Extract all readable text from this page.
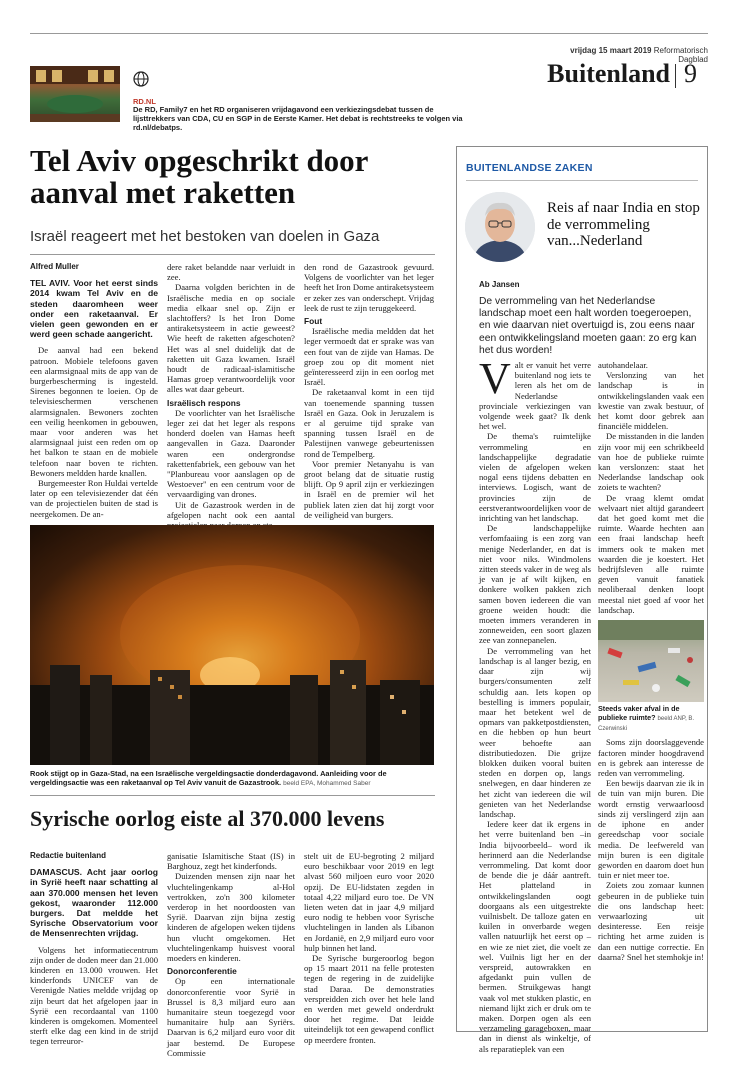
vrijdag 15 maart 2019 Reformatorisch Dagblad
Buitenland 9
RD.NL
De RD, Family7 en het RD organiseren vrijdagavond een verkiezingsdebat tussen de lijsttrekkers van CDA, CU en SGP in de Eerste Kamer. Het debat is rechtstreeks te volgen via rd.nl/debatps.
Tel Aviv opgeschrikt door
aanval met raketten
Israël reageert met het bestoken van doelen in Gaza
Alfred Muller

TEL AVIV. Voor het eerst sinds 2014 kwam Tel Aviv en de steden daaromheen weer onder een raketaanval. Er vielen geen gewonden en er werd geen schade aangericht.

De aanval had een bekend patroon. Mobiele telefoons gaven een alarmsignaal mits de app van de burgerbescherming is ingesteld. Sirenes begonnen te loeien. Op de televisieschermen verschenen alarmsignalen. Bewoners zochten een veilig heenkomen in gebouwen, maar voor anderen was het alarmsignaal juist een reden om op het balkon te staan en de mobiele telefoon naar boven te richten. Bewoners meldden harde knallen.

Burgemeester Ron Huldai vertelde later op een televisiezender dat één van de projectielen buiten de stad is neergekomen. De an-

dere raket belandde naar verluidt in zee.

Daarna volgden berichten in de Israëlische media en op sociale media elkaar snel op. Zijn er slachtoffers? Is het Iron Dome antiraketsysteem in actie geweest? Wie heeft de raketten afgeschoten? Het was al snel duidelijk dat de raketten uit Gaza kwamen. Israël houdt de radicaal-islamitische Hamas groep verantwoordelijk voor alles wat daar gebeurt.

Israëlisch respons

De voorlichter van het Israëlische leger zei dat het leger als respons honderd doelen van Hamas heeft aangevallen in Gaza. Daaronder waren een ondergrondse rakettenfabriek, een gebouw van het "Planbureau voor aanslagen op de Westoever" en een centrum voor de vervaardiging van drones.

Uit de Gazastrook werden in de afgelopen nacht ook een aantal

den rond de Gazastrook gevuurd. Volgens de voorlichter van het leger heeft het Iron Dome antiraketsysteem er zeker zes van onderschept. Vrijdag leek de rust te zijn teruggekeerd.

Fout

Israëlische media meldden dat het leger vermoedt dat er sprake was van een fout van de zijde van Hamas. De groep zou op dit moment niet geïnteresseerd zijn in een oorlog met Israël.

De raketaanval komt in een tijd van toenemende spanning tussen Israël en Gaza. Ook in Jeruzalem is er al geruime tijd sprake van spanning tussen Israël en de Palestijnen vanwege gebeurtenissen rond de Tempelberg.

Voor premier Netanyahu is van groot belang dat de situatie rustig blijft. Op 9 april zijn er verkiezingen in Israël en de premier wil het publiek laten zien dat hij zorgt voor de veiligheid van burgers.

Rook stijgt op in Gaza-Stad, na een Israëlische vergeldingsactie donderdagavond. Aanleiding voor de vergeldingsactie was een raketaanval op Tel Aviv vanuit de Gazastrook. beeld EPA, Mohammed Saber
Syrische oorlog eiste al 370.000 levens
Redactie buitenland

DAMASCUS. Acht jaar oorlog in Syrië heeft naar schatting al aan 370.000 mensen het leven gekost, waaronder 112.000 burgers. Dat meldde het Syrische Observatorium voor de Mensenrechten vrijdag.

Volgens het informatiecentrum zijn onder de doden meer dan 21.000 kinderen en 13.000 vrouwen. Het kinderfonds UNICEF van de Verenigde Naties meldde vrijdag op zijn beurt dat het afgelopen jaar in Syrië een recordaantal van 1100 kinderen is omgekomen. Momenteel sterft elke dag een kind in de strijd tegen terreuror-

ganisatie Islamitische Staat (IS) in Barghouz, zegt het kinderfonds.

Duizenden mensen zijn naar het vluchtelingenkamp al-Hol vertrokken, zo'n 300 kilometer verderop in het noordoosten van Syrië. Daarvan zijn bijna zestig kinderen de afgelopen weken tijdens hun vlucht omgekomen. Het vluchtelingenkamp huisvest vooral moeders en kinderen.

Donorconferentie

Op een internationale donorconferentie voor Syrië in Brussel is 8,3 miljard euro aan humanitaire steun toegezegd voor humanitaire hulp aan Syriërs. Daarvan is 6,2 miljard euro voor dit jaar bestemd. De Europese Commissie

stelt uit de EU-begroting 2 miljard euro beschikbaar voor 2019 en legt alvast 560 miljoen euro voor 2020 opzij. De EU-lidstaten zegden in totaal 4,22 miljard euro toe. De VN lieten weten dat in jaar 4,9 miljard euro nodig te hebben voor Syrische vluchtelingen in landen als Libanon en Jordanië, en 2,9 miljard euro voor hulp binnen het land.

De Syrische burgeroorlog begon op 15 maart 2011 na felle protesten tegen de regering in de zuidelijke stad Daraa. De demonstraties verspreidden zich over het hele land en werden met geweld onderdrukt door het regime. Dat leidde uiteindelijk tot een gewapend conflict op meerdere fronten.

BUITENLANDSE ZAKEN
Reis af naar India en stop de verrommeling van...Nederland
Ab Jansen
De verrommeling van het Nederlandse landschap moet een halt worden toegeroepen, en wie daarvan niet overtuigd is, zou eens naar een ontwikkelingsland moeten gaan: zo erg kan het dus worden!

Valt er vanuit het verre buitenland nog iets te leren als het om de Nederlandse provinciale verkiezingen van volgende week gaat? Ik denk het wel.

De thema's ruimtelijke verrommeling en landschappelijke degradatie vielen de afgelopen weken nogal eens tijdens debatten en interviews. Logisch, want de provincies zijn de eerstverantwoordelijken voor de inrichting van het landschap.

De landschappelijke verfomfaaiing is een zorg van menige Nederlander, en dat is niet voor niks. Windmolens zitten steeds vaker in de weg als je van je af wilt kijken, en donkere wolken pakken zich samen boven iedereen die van groene weiden houdt: die moeten immers veranderen in zonneweiden, een soort glazen zee van zonnepanelen.

De verrommeling van het landschap is al langer bezig, en daar zijn wij burgers/consumenten zelf schuldig aan. Iets kopen op bestelling is immers populair, maar het betekent wel de opmars van pakketpostdiensten, en die hebben op hun beurt weer behoefte aan distributiedozen. Die grijze blokken duiken vooral buiten steden en dorpen op, langs snelwegen, en daar hinderen ze het zicht van iedereen die wil genieten van het Nederlandse landschap.

Iedere keer dat ik ergens in het verre buitenland ben –in India bijvoorbeeld– word ik herinnerd aan die Nederlandse verrommeling. Dat komt door de bende die je dáár aantreft. Het platteland in ontwikkelingslanden oogt doorgaans als een uitgestrekte vuilnisbelt. De talloze gaten en kuilen in onverbarde wegen vallen natuurlijk het eerst op – en wie ze niet ziet, die voelt ze wel. Vuilnis ligt her en der verspreid, autowrakken en afgedankt puin vullen de bermen. Struikgewas hangt vaak vol met stukken plastic, en niemand lijkt zich er druk om te maken. Dorpen ogen als een verzameling garageboxen, maar dan in dienst als winkeltje, of als reparatieplek van een

autohandelaar.

Verslonzing van het landschap is in ontwikkelingslanden vaak een kwestie van zwak bestuur, of het komt door gebrek aan financiële middelen.

De misstanden in die landen zijn voor mij een schrikbeeld van hoe de publieke ruimte kan verslonzen: staat het Nederlandse landschap ook zoiets te wachten?

De vraag klemt omdat welvaart niet altijd garandeert dat het goed komt met die ruimte. Waarde hechten aan een fraai landschap heeft immers ook te maken met waarden die je koestert. Het bedrijfsleven alle ruimte geven vanuit fanatiek neoliberaal denken loopt meestal niet goed af voor het landschap.

Steeds vaker afval in de publieke ruimte? beeld ANP, B. Czerwinski

Soms zijn doorslaggevende factoren minder hoogdravend en is gebrek aan interesse de reden van verrommeling.

Een bewijs daarvan zie ik in de tuin van mijn buren. Die wordt ernstig verwaarloosd sinds zij verslingerd zijn aan de iphone en ander gereedschap voor sociale media. De leefwereld van mijn buren is een digitale geworden en daarom doet hun tuin er niet meer toe.

Zoiets zou zomaar kunnen gebeuren in de publieke tuin die ons landschap heet: verwaarlozing uit desinteresse. Een reisje richting het arme zuiden is dan een nuttige correctie. En daarna? Snel het stemhokje in!
